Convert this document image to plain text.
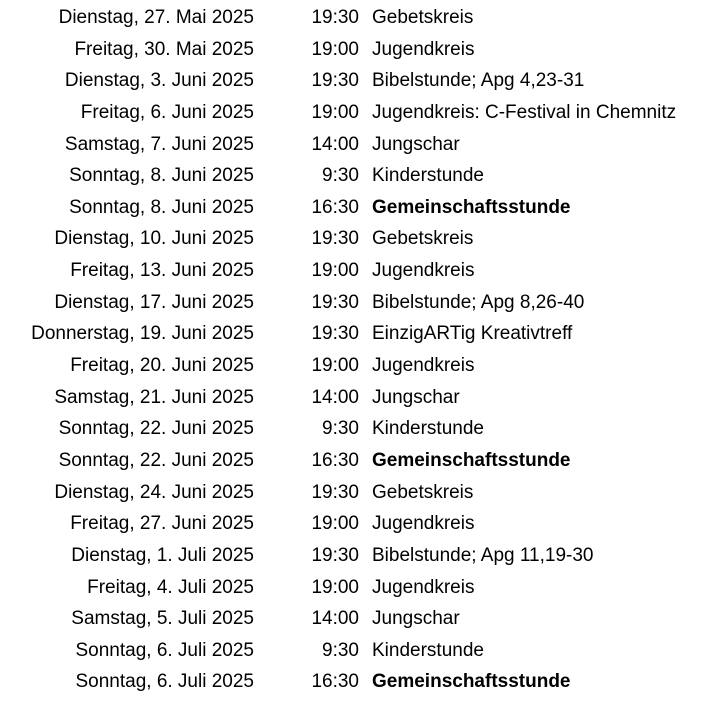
Dienstag, 27. Mai 2025	19:30 Gebetskreis
Freitag, 30. Mai 2025	19:00 Jugendkreis
Dienstag, 3. Juni 2025	19:30 Bibelstunde; Apg 4,23-31
Freitag, 6. Juni 2025	19:00 Jugendkreis: C-Festival in Chemnitz
Samstag, 7. Juni 2025	14:00 Jungschar
Sonntag, 8. Juni 2025	9:30 Kinderstunde
Sonntag, 8. Juni 2025	16:30 Gemeinschaftsstunde
Dienstag, 10. Juni 2025	19:30 Gebetskreis
Freitag, 13. Juni 2025	19:00 Jugendkreis
Dienstag, 17. Juni 2025	19:30 Bibelstunde; Apg 8,26-40
Donnerstag, 19. Juni 2025	19:30 EinzigARTig Kreativtreff
Freitag, 20. Juni 2025	19:00 Jugendkreis
Samstag, 21. Juni 2025	14:00 Jungschar
Sonntag, 22. Juni 2025	9:30 Kinderstunde
Sonntag, 22. Juni 2025	16:30 Gemeinschaftsstunde
Dienstag, 24. Juni 2025	19:30 Gebetskreis
Freitag, 27. Juni 2025	19:00 Jugendkreis
Dienstag, 1. Juli 2025	19:30 Bibelstunde; Apg 11,19-30
Freitag, 4. Juli 2025	19:00 Jugendkreis
Samstag, 5. Juli 2025	14:00 Jungschar
Sonntag, 6. Juli 2025	9:30 Kinderstunde
Sonntag, 6. Juli 2025	16:30 Gemeinschaftsstunde
